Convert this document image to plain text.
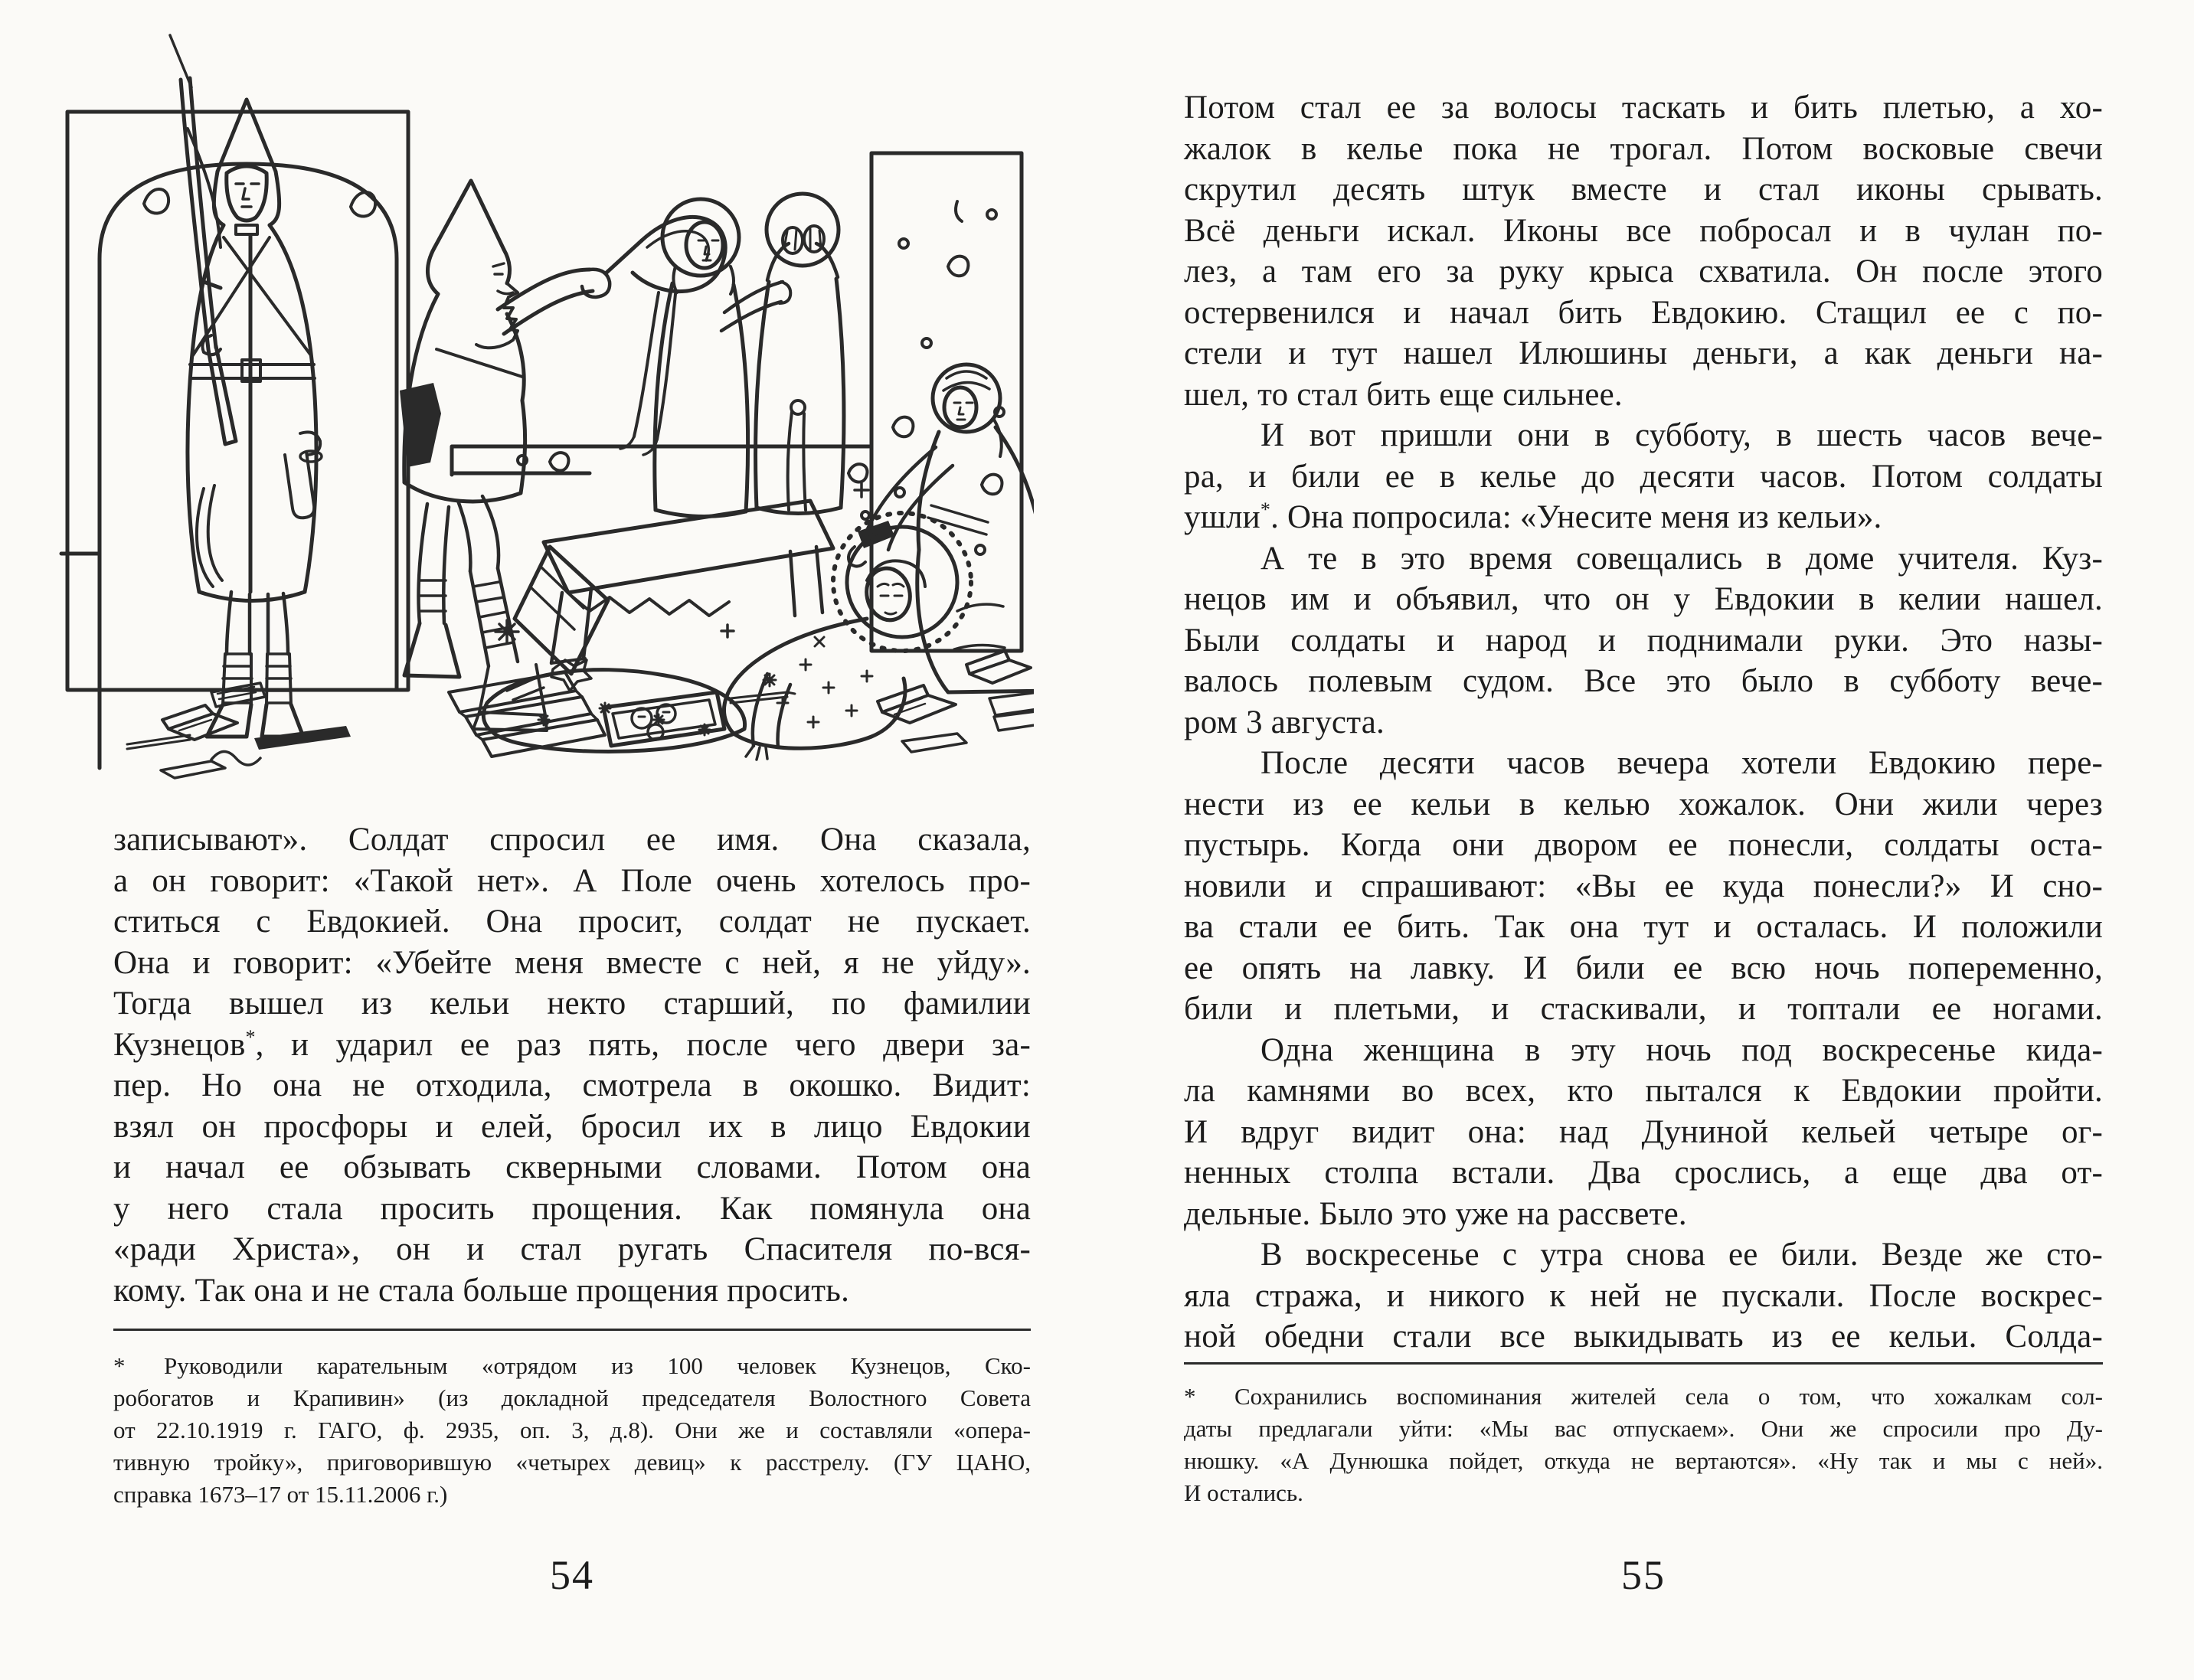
записывают». Солдат спросил ее имя. Она сказала,
а он говорит: «Такой нет». А Поле очень хотелось про-
ститься с Евдокией. Она просит, солдат не пускает.
Она и говорит: «Убейте меня вместе с ней, я не уйду».
Тогда вышел из кельи некто старший, по фамилии
Кузнецов*, и ударил ее раз пять, после чего двери за-
пер. Но она не отходила, смотрела в окошко. Видит:
взял он просфоры и елей, бросил их в лицо Евдокии
и начал ее обзывать скверными словами. Потом она
у него стала просить прощения. Как помянула она
«ради Христа», он и стал ругать Спасителя по-вся-
кому. Так она и не стала больше прощения просить.
* Руководили карательным «отрядом из 100 человек Кузнецов, Ско-
робогатов и Крапивин» (из докладной председателя Волостного Совета
от 22.10.1919 г. ГАГО, ф. 2935, оп. 3, д.8). Они же и составляли «опера-
тивную тройку», приговорившую «четырех девиц» к расстрелу. (ГУ ЦАНО,
справка 1673–17 от 15.11.2006 г.)
54
Потом стал ее за волосы таскать и бить плетью, а хо-
жалок в келье пока не трогал. Потом восковые свечи
скрутил десять штук вместе и стал иконы срывать.
Всё деньги искал. Иконы все побросал и в чулан по-
лез, а там его за руку крыса схватила. Он после этого
остервенился и начал бить Евдокию. Стащил ее с по-
стели и тут нашел Илюшины деньги, а как деньги на-
шел, то стал бить еще сильнее.
И вот пришли они в субботу, в шесть часов вече-
ра, и били ее в келье до десяти часов. Потом солдаты
ушли*. Она попросила: «Унесите меня из кельи».
А те в это время совещались в доме учителя. Куз-
нецов им и объявил, что он у Евдокии в келии нашел.
Были солдаты и народ и поднимали руки. Это назы-
валось полевым судом. Все это было в субботу вече-
ром 3 августа.
После десяти часов вечера хотели Евдокию пере-
нести из ее кельи в келью хожалок. Они жили через
пустырь. Когда они двором ее понесли, солдаты оста-
новили и спрашивают: «Вы ее куда понесли?» И сно-
ва стали ее бить. Так она тут и осталась. И положили
ее опять на лавку. И били ее всю ночь попеременно,
били и плетьми, и стаскивали, и топтали ее ногами.
Одна женщина в эту ночь под воскресенье кида-
ла камнями во всех, кто пытался к Евдокии пройти.
И вдруг видит она: над Дуниной кельей четыре ог-
ненных столпа встали. Два срослись, а еще два от-
дельные. Было это уже на рассвете.
В воскресенье с утра снова ее били. Везде же сто-
яла стража, и никого к ней не пускали. После воскрес-
ной обедни стали все выкидывать из ее кельи. Солда-
* Сохранились воспоминания жителей села о том, что хожалкам сол-
даты предлагали уйти: «Мы вас отпускаем». Они же спросили про Ду-
нюшку. «А Дунюшка пойдет, откуда не вертаются». «Ну так и мы с ней».
И остались.
55
